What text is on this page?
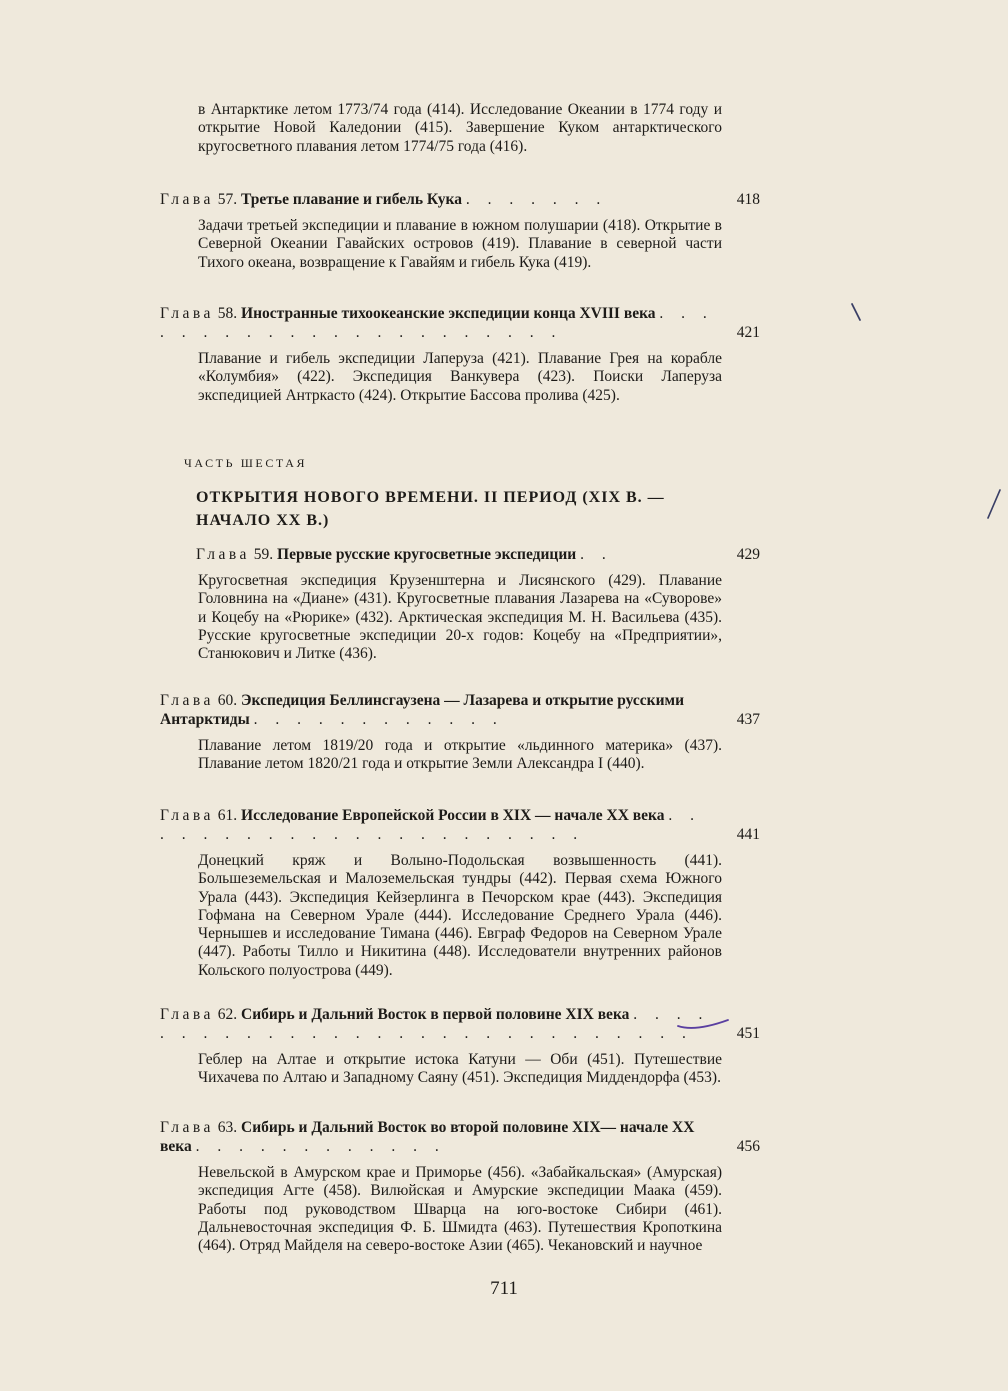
в Антарктике летом 1773/74 года (414). Исследование Океании в 1774 году и открытие Новой Каледонии (415). Завершение Куком антарктического кругосветного плавания летом 1774/75 года (416).
Глава 57. Третье плавание и гибель Кука . . . . . . .	418
Задачи третьей экспедиции и плавание в южном полушарии (418). Открытие в Северной Океании Гавайских островов (419). Плавание в северной части Тихого океана, возвращение к Гавайям и гибель Кука (419).
Глава 58. Иностранные тихоокеанские экспедиции конца XVIII века . . . . . . . . . . . . . . . . . . . . . .	421
Плавание и гибель экспедиции Лаперуза (421). Плавание Грея на корабле «Колумбия» (422). Экспедиция Ванкувера (423). Поиски Лаперуза экспедицией Антркасто (424). Открытие Бассова пролива (425).
ЧАСТЬ ШЕСТАЯ
ОТКРЫТИЯ НОВОГО ВРЕМЕНИ. II ПЕРИОД (XIX В. — НАЧАЛО XX В.)
Глава 59. Первые русские кругосветные экспедиции . .	429
Кругосветная экспедиция Крузенштерна и Лисянского (429). Плавание Головнина на «Диане» (431). Кругосветные плавания Лазарева на «Суворове» и Коцебу на «Рюрике» (432). Арктическая экспедиция М. Н. Васильева (435). Русские кругосветные экспедиции 20-х годов: Коцебу на «Предприятии», Станюкович и Литке (436).
Глава 60. Экспедиция Беллинсгаузена — Лазарева и открытие русскими Антарктиды . . . . . . . . . . . .	437
Плавание летом 1819/20 года и открытие «льдинного материка» (437). Плавание летом 1820/21 года и открытие Земли Александра I (440).
Глава 61. Исследование Европейской России в XIX — начале XX века . . . . . . . . . . . . . . . . . . . . . .	441
Донецкий кряж и Волыно-Подольская возвышенность (441). Большеземельская и Малоземельская тундры (442). Первая схема Южного Урала (443). Экспедиция Кейзерлинга в Печорском крае (443). Экспедиция Гофмана на Северном Урале (444). Исследование Среднего Урала (446). Чернышев и исследование Тимана (446). Евграф Федоров на Северном Урале (447). Работы Тилло и Никитина (448). Исследователи внутренних районов Кольского полуострова (449).
Глава 62. Сибирь и Дальний Восток в первой половине XIX века . . . . . . . . . . . . . . . . . . . . . . . . . . . . .	451
Геблер на Алтае и открытие истока Катуни — Оби (451). Путешествие Чихачева по Алтаю и Западному Саяну (451). Экспедиция Миддендорфа (453).
Глава 63. Сибирь и Дальний Восток во второй половине XIX— начале XX века . . . . . . . . . . . .	456
Невельской в Амурском крае и Приморье (456). «Забайкальская» (Амурская) экспедиция Агте (458). Вилюйская и Амурские экспедиции Маака (459). Работы под руководством Шварца на юго-востоке Сибири (461). Дальневосточная экспедиция Ф. Б. Шмидта (463). Путешествия Кропоткина (464). Отряд Майделя на северо-востоке Азии (465). Чекановский и научное
711
